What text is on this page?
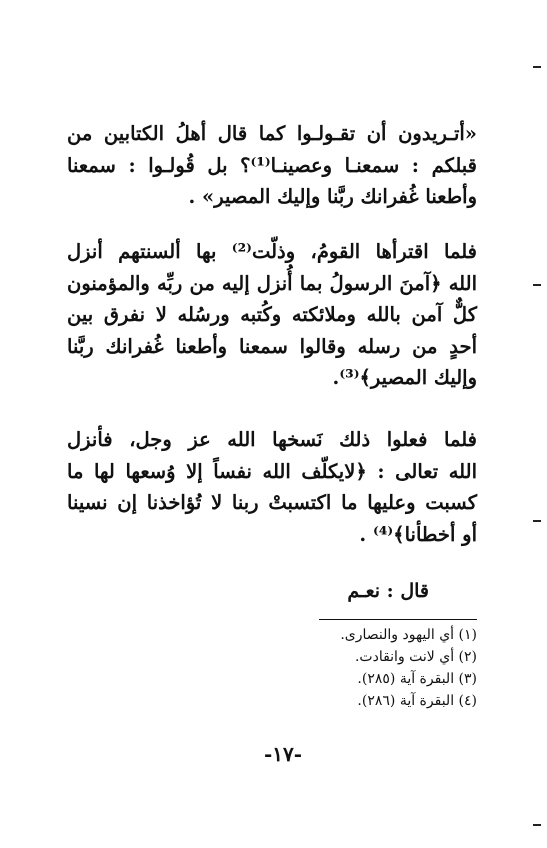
«أتـريدون أن تقـولـوا كما قال أهلُ الكتابين من
قبلكم : سمعنـا وعصينـا⁽¹⁾؟ بل قُولـوا : سمعنا
وأطعنا غُفرانك ربَّنا وإليك المصير» .
فلما اقترأها القومُ، وذلّت⁽²⁾ بها ألسنتهم أنزل
الله ﴿آمنَ الرسولُ بما أُنزل إليه من ربِّه والمؤمنون
كلٌّ آمن بالله وملائكته وكُتبه ورسُله لا نفرق بين
أحدٍ من رسله وقالوا سمعنا وأطعنا غُفرانك ربَّنا
وإليك المصير﴾⁽³⁾.
فلما فعلوا ذلك نَسخها الله عز وجل، فأنزل
الله تعالى : ﴿لايكلّف الله نفساً إلا وُسعها لها ما
كسبت وعليها ما اكتسبتْ ربنا لا تُؤاخذنا إن نسينا
أو أخطأنا﴾⁽⁴⁾ .
قال : نعـم
(١) أي اليهود والنصارى.
(٢) أي لانت وانقادت.
(٣) البقرة آية (٢٨٥).
(٤) البقرة آية (٢٨٦).
-١٧-
